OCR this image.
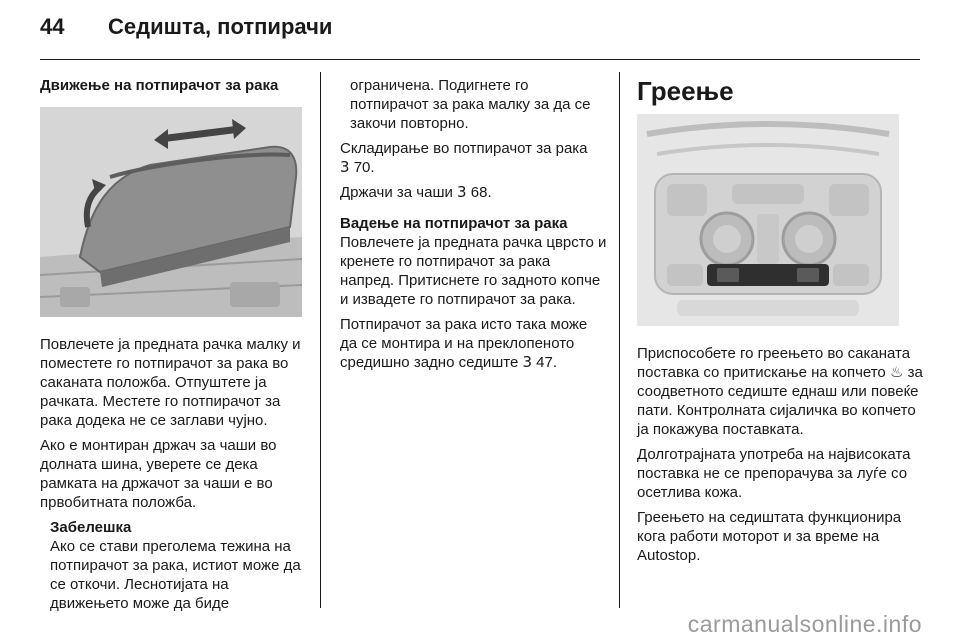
44	Седишта, потпирачи
Движење на потпирачот за рака

Повлечете ја предната рачка малку и поместете го потпирачот за рака во саканата положба. Отпуштете ја рачката. Местете го потпирачот за рака додека не се заглави чујно.

Ако е монтиран држач за чаши во долната шина, уверете се дека рамката на држачот за чаши е во првобитната положба.

Забелешка
Ако се стави преголема тежина на потпирачот за рака, истиот може да се откочи. Леснотијата на движењето може да биде

ограничена. Подигнете го потпирачот за рака малку за да се закочи повторно.

Складирање во потпирачот за рака
3 70.

Држачи за чаши 3 68.

Вадење на потпирачот за рака

Повлечете ја предната рачка цврсто и кренете го потпирачот за рака напред. Притиснете го задното копче и извадете го потпирачот за рака.

Потпирачот за рака исто така може да се монтира и на преклопеното средишно задно седиште 3 47.

Греење

Приспособете го греењето во саканата поставка со притискање на копчето ♨ за соодветното седиште еднаш или повеќе пати. Контролната сијаличка во копчето ја покажува поставката.

Долготрајната употреба на највисоката поставка не се препорачува за луѓе со осетлива кожа.

Греењето на седиштата функционира кога работи моторот и за време на Autostop.

carmanualsonline.info
